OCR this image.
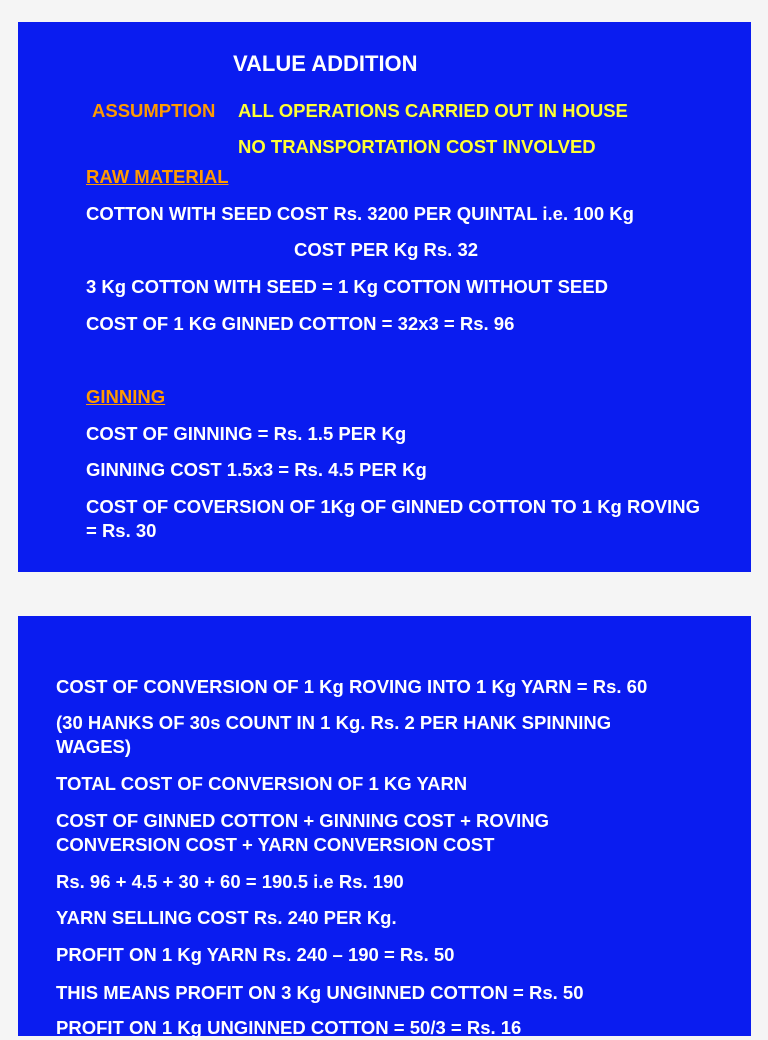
VALUE ADDITION
ASSUMPTION ALL OPERATIONS CARRIED OUT IN HOUSE
NO TRANSPORTATION COST INVOLVED
RAW MATERIAL
COTTON WITH SEED COST Rs. 3200 PER QUINTAL i.e. 100 Kg
COST PER Kg Rs. 32
3 Kg COTTON WITH SEED = 1 Kg COTTON WITHOUT SEED
COST OF 1 KG GINNED COTTON = 32x3 = Rs. 96
GINNING
COST OF GINNING = Rs. 1.5 PER Kg
GINNING COST 1.5x3 = Rs. 4.5 PER Kg
COST OF COVERSION OF 1Kg OF GINNED COTTON TO 1 Kg ROVING = Rs. 30
COST OF CONVERSION OF 1 Kg ROVING INTO 1 Kg YARN = Rs. 60
(30 HANKS OF 30s COUNT IN 1 Kg. Rs. 2 PER HANK SPINNING WAGES)
TOTAL COST OF CONVERSION OF 1 KG YARN
COST OF GINNED COTTON + GINNING COST + ROVING CONVERSION COST + YARN CONVERSION COST
Rs. 96 + 4.5 + 30 + 60 = 190.5 i.e Rs. 190
YARN SELLING COST Rs. 240 PER Kg.
PROFIT ON 1 Kg YARN Rs. 240 – 190 = Rs. 50
THIS MEANS PROFIT ON 3 Kg UNGINNED COTTON = Rs. 50
PROFIT ON 1 Kg UNGINNED COTTON = 50/3 = Rs. 16
